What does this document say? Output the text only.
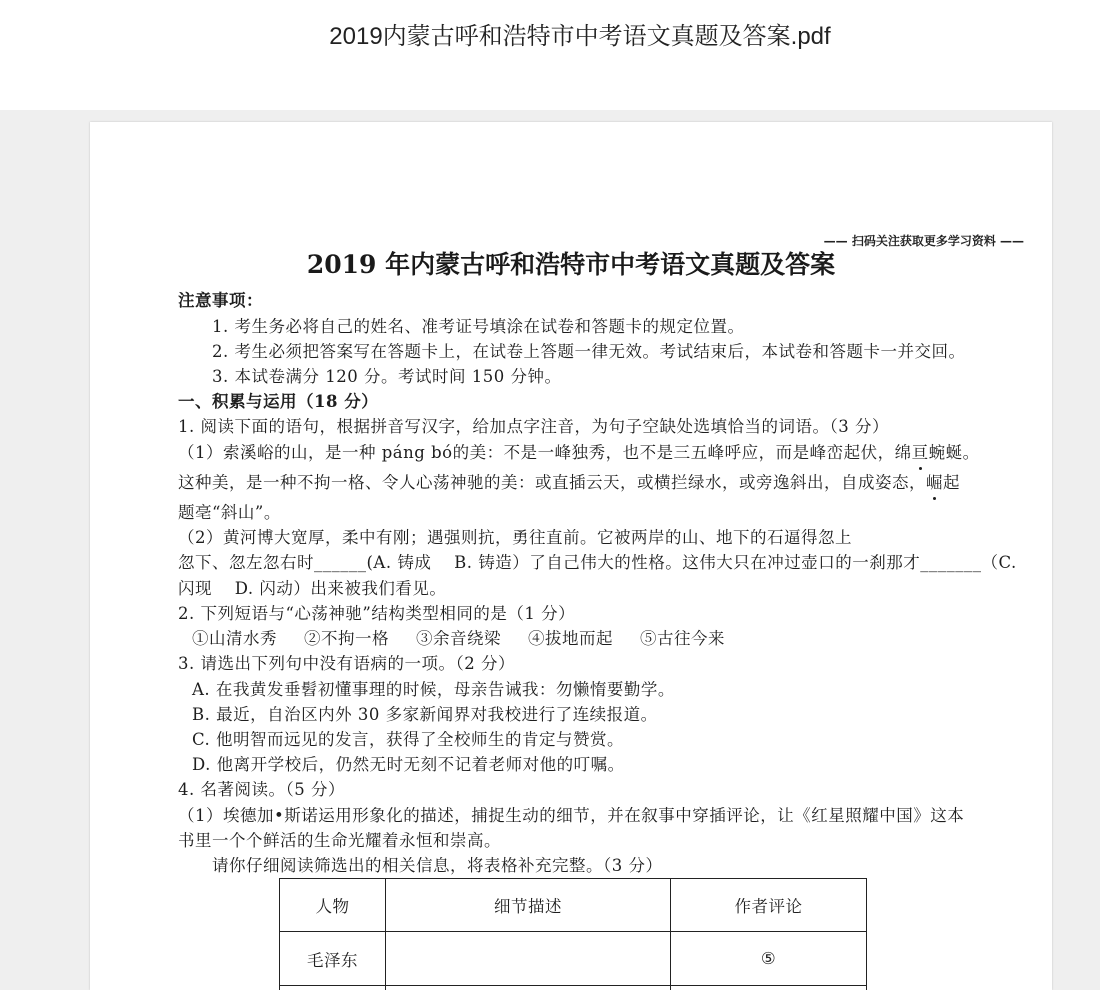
2019内蒙古呼和浩特市中考语文真题及答案.pdf
—— 扫码关注获取更多学习资料 ——
2019 年内蒙古呼和浩特市中考语文真题及答案
注意事项：
1. 考生务必将自己的姓名、准考证号填涂在试卷和答题卡的规定位置。
2. 考生必须把答案写在答题卡上，在试卷上答题一律无效。考试结束后，本试卷和答题卡一并交回。
3. 本试卷满分 120 分。考试时间 150 分钟。
一、积累与运用（18 分）
1. 阅读下面的语句，根据拼音写汉字，给加点字注音，为句子空缺处选填恰当的词语。（3 分）
（1）索溪峪的山，是一种 páng bó的美：不是一峰独秀，也不是三五峰呼应，而是峰峦起伏，绵亘蜿蜒。
这种美，是一种不拘一格、令人心荡神驰的美：或直插云天，或横拦绿水，或旁逸斜出，自成姿态，崛起
题亳“斜山”。
（2）黄河博大宽厚，柔中有刚；遇强则抗，勇往直前。它被两岸的山、地下的石逼得忽上
忽下、忽左忽右时______(A. 铸成　 B. 铸造）了自己伟大的性格。这伟大只在冲过壶口的一刹那才_______（C.
闪现　 D. 闪动）出来被我们看见。
2. 下列短语与“心荡神驰”结构类型相同的是（1 分）
①山清水秀 ②不拘一格 ③余音绕梁 ④拔地而起 ⑤古往今来
3. 请选出下列句中没有语病的一项。（2 分）
A. 在我黄发垂髫初懂事理的时候，母亲告诫我：勿懒惰要勤学。
B. 最近，自治区内外 30 多家新闻界对我校进行了连续报道。
C. 他明智而远见的发言，获得了全校师生的肯定与赞赏。
D. 他离开学校后，仍然无时无刻不记着老师对他的叮嘱。
4. 名著阅读。（5 分）
（1）埃德加•斯诺运用形象化的描述，捕捉生动的细节，并在叙事中穿插评论，让《红星照耀中国》这本
书里一个个鲜活的生命光耀着永恒和崇高。
请你仔细阅读筛选出的相关信息，将表格补充完整。（3 分）
人物	细节描述	作者评论
毛泽东		⑤
